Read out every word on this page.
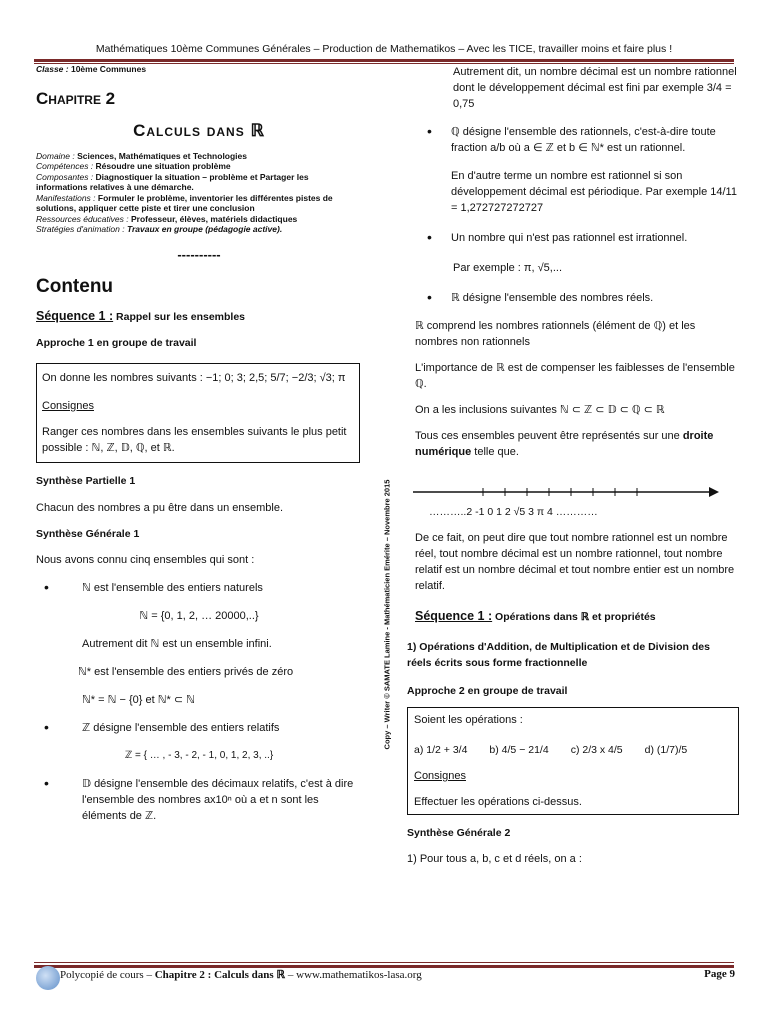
Mathématiques 10ème Communes Générales – Production de Mathematikos – Avec les TICE, travailler moins et faire plus !

Classe : 10ème Communes

Chapitre 2

Calculs dans ℝ

Domaine : Sciences, Mathématiques et Technologies

Compétences : Résoudre une situation problème

Composantes : Diagnostiquer la situation – problème et Partager les informations relatives à une démarche.

Manifestations : Formuler le problème, inventorier les différentes pistes de solutions, appliquer cette piste et tirer une conclusion

Ressources éducatives : Professeur, élèves, matériels didactiques

Stratégies d'animation : Travaux en groupe (pédagogie active).

----------

Contenu

Séquence 1 : Rappel sur les ensembles

Approche 1 en groupe de travail

On donne les nombres suivants : −1; 0; 3; 2,5; 5/7; −2/3; √3; π

Consignes

Ranger ces nombres dans les ensembles suivants le plus petit possible : ℕ, ℤ, 𝔻, ℚ, et ℝ.

Synthèse Partielle 1

Chacun des nombres a pu être dans un ensemble.

Synthèse Générale 1

Nous avons connu cinq ensembles qui sont :

• ℕ est l'ensemble des entiers naturels

ℕ = {0, 1, 2, … 20000,..}

Autrement dit ℕ est un ensemble infini.

ℕ* est l'ensemble des entiers privés de zéro

ℕ* = ℕ − {0} et ℕ* ⊂ ℕ

• ℤ désigne l'ensemble des entiers relatifs

ℤ = { … , - 3, - 2, - 1, 0, 1, 2, 3, ..}

• 𝔻 désigne l'ensemble des décimaux relatifs, c'est à dire l'ensemble des nombres ax10ⁿ où a et n sont les éléments de ℤ.

Copy – Writer © SAMATE Lamine - Mathématicien Emérite – Novembre 2015

Autrement dit, un nombre décimal est un nombre rationnel dont le développement décimal est fini par exemple 3/4 = 0,75

• ℚ désigne l'ensemble des rationnels, c'est-à-dire toute fraction a/b où a ∈ ℤ et b ∈ ℕ* est un rationnel.

En d'autre terme un nombre est rationnel si son développement décimal est périodique. Par exemple 14/11 = 1,272727272727

• Un nombre qui n'est pas rationnel est irrationnel.

Par exemple : π, √5,...

• ℝ désigne l'ensemble des nombres réels.

ℝ comprend les nombres rationnels (élément de ℚ) et les nombres non rationnels

L'importance de ℝ est de compenser les faiblesses de l'ensemble ℚ.

On a les inclusions suivantes ℕ ⊂ ℤ ⊂ 𝔻 ⊂ ℚ ⊂ ℝ

Tous ces ensembles peuvent être représentés sur une droite numérique telle que.

………..2 -1 0 1 2 √5 3 π 4 …………

De ce fait, on peut dire que tout nombre rationnel est un nombre réel, tout nombre décimal est un nombre rationnel, tout nombre relatif est un nombre décimal et tout nombre entier est un nombre relatif.

Séquence 1 : Opérations dans ℝ et propriétés

1) Opérations d'Addition, de Multiplication et de Division des réels écrits sous forme fractionnelle

Approche 2 en groupe de travail

Soient les opérations :

a) 1/2 + 3/4 b) 4/5 − 21/4 c) 2/3 x 4/5 d) (1/7)/5

Consignes

Effectuer les opérations ci-dessus.

Synthèse Générale 2

1) Pour tous a, b, c et d réels, on a :

Polycopié de cours – Chapitre 2 : Calculs dans ℝ – www.mathematikos-lasa.org	Page 9
